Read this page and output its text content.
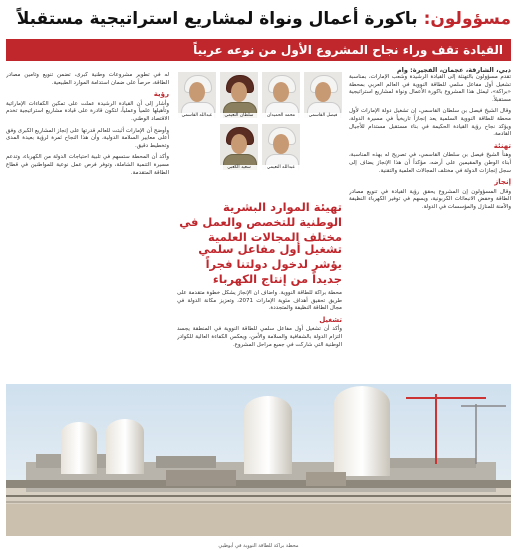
مسؤولون: باكورة أعمال ونواة لمشاريع استراتيجية مستقبلاً
القيادة تقف وراء نجاح المشروع الأول من نوعه عربياً
دبي، الشارقة، عجمان، الفجيرة: وام

تقدم مسؤولون بالتهنئة إلى القيادة الرشيدة وشعب الإمارات، بمناسبة تشغيل أول مفاعل سلمي للطاقة النووية في العالم العربي بمحطة «براكة»، ليمثل هذا المشروع باكورة الأعمال ونواة لمشاريع استراتيجية مستقبلاً.

وقال الشيخ فيصل بن سلطان القاسمي، إن تشغيل دولة الإمارات لأول محطة للطاقة النووية السلمية يعد إنجازاً تاريخياً في مسيرة الدولة، ويؤكد نجاح رؤية القيادة الحكيمة في بناء مستقبل مستدام للأجيال القادمة.

تهنئة

وهنأ الشيخ فيصل بن سلطان القاسمي، في تصريح له بهذه المناسبة، أبناء الوطن والمقيمين على أرضه، مؤكداً أن هذا الإنجاز يضاف إلى سجل إنجازات الدولة في مختلف المجالات العلمية والتقنية.

إنجاز

وقال المسؤولون إن المشروع يحقق رؤية القيادة في تنويع مصادر الطاقة وخفض الانبعاثات الكربونية، ويسهم في توفير الكهرباء النظيفة والآمنة للمنازل والمؤسسات في الدولة.

فيصل القاسمي
محمد الحميدان
سلطان النعيمي
عبدالله القاسمي
عبدالله النعيمي
سعيد الكعبي
تهيئة الموارد البشرية الوطنية للتخصص والعمل في مختلف المجالات العلمية
تشغيل أول مفاعل سلمي يؤشر لدخول دولتنا فجراً جديداً من إنتاج الكهرباء

محطة براكة للطاقة النووية. وأضاف أن الإنجاز يشكل خطوة متقدمة على طريق تحقيق أهداف مئوية الإمارات 2071، وتعزيز مكانة الدولة في مجال الطاقة النظيفة والمتجددة.

تشغيل

وأكد أن تشغيل أول مفاعل سلمي للطاقة النووية في المنطقة يجسد التزام الدولة بالشفافية والسلامة والأمن، ويعكس الكفاءة العالية للكوادر الوطنية التي شاركت في جميع مراحل المشروع.

له في تطوير مشروعات وطنية كبرى، تضمن تنويع وتأمين مصادر الطاقة، حرصاً على ضمان استدامة الموارد الطبيعية.

رؤية

وأشار إلى أن القيادة الرشيدة عملت على تمكين الكفاءات الإماراتية وتأهيلها علمياً وعملياً، لتكون قادرة على قيادة مشاريع استراتيجية تخدم الاقتصاد الوطني.

وأوضح أن الإمارات أثبتت للعالم قدرتها على إنجاز المشاريع الكبرى وفق أعلى معايير السلامة الدولية، وأن هذا النجاح ثمرة لرؤية بعيدة المدى وتخطيط دقيق.

وأكد أن المحطة ستسهم في تلبية احتياجات الدولة من الكهرباء، وتدعم مسيرة التنمية الشاملة، وتوفر فرص عمل نوعية للمواطنين في قطاع الطاقة المتقدمة.

محطة براكة للطاقة النووية في أبوظبي
